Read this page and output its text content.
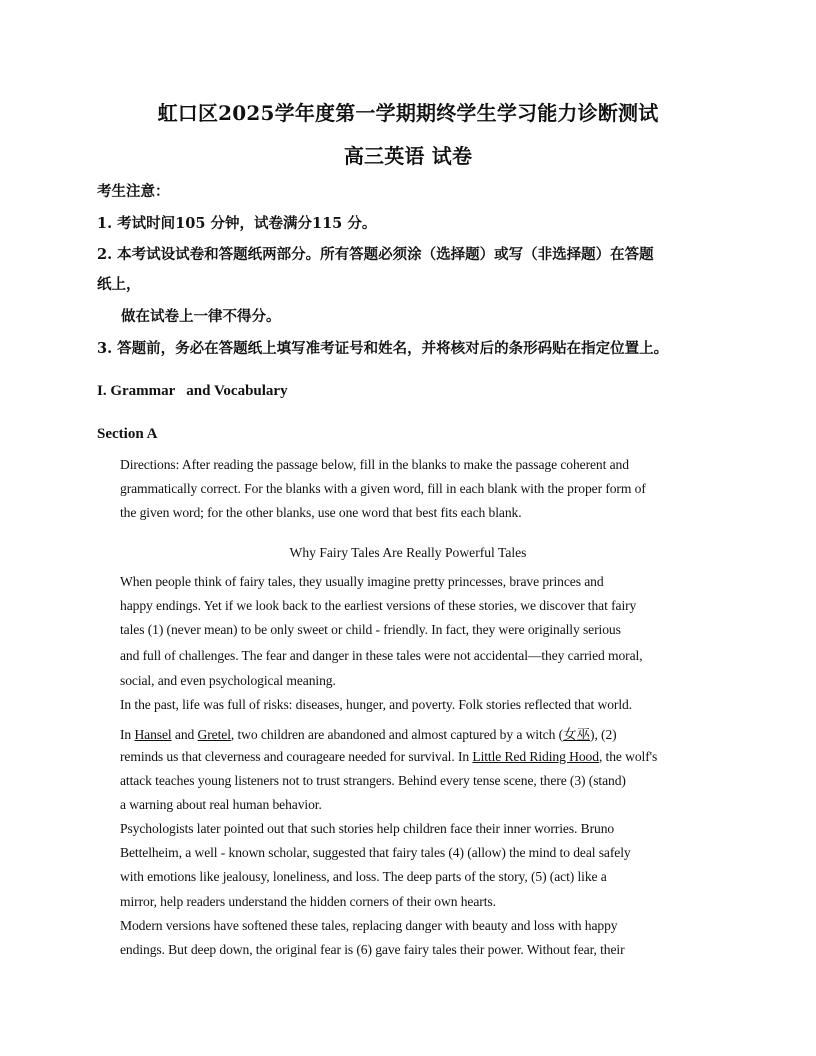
虹口区2025学年度第一学期期终学生学习能力诊断测试
高三英语 试卷
考生注意：
1. 考试时间105 分钟，试卷满分115 分。
2. 本考试设试卷和答题纸两部分。所有答题必须涂（选择题）或写（非选择题）在答题
纸上，
做在试卷上一律不得分。
3. 答题前，务必在答题纸上填写准考证号和姓名，并将核对后的条形码贴在指定位置上。
I. Grammar   and Vocabulary
Section A
Directions: After reading the passage below, fill in the blanks to make the passage coherent and
grammatically correct. For the blanks with a given word, fill in each blank with the proper form of
the given word; for the other blanks, use one word that best fits each blank.
Why Fairy Tales Are Really Powerful Tales
When people think of fairy tales, they usually imagine pretty princesses, brave princes and
happy endings. Yet if we look back to the earliest versions of these stories, we discover that fairy
tales (1) (never mean) to be only sweet or child - friendly. In fact, they were originally serious
and full of challenges. The fear and danger in these tales were not accidental—they carried moral,
social, and even psychological meaning.
In the past, life was full of risks: diseases, hunger, and poverty. Folk stories reflected that world.
In Hansel and Gretel, two children are abandoned and almost captured by a witch (女巫), (2)
reminds us that cleverness and courageare needed for survival. In Little Red Riding Hood, the wolf's
attack teaches young listeners not to trust strangers. Behind every tense scene, there (3) (stand)
a warning about real human behavior.
Psychologists later pointed out that such stories help children face their inner worries. Bruno
Bettelheim, a well - known scholar, suggested that fairy tales (4) (allow) the mind to deal safely
with emotions like jealousy, loneliness, and loss. The deep parts of the story, (5) (act) like a
mirror, help readers understand the hidden corners of their own hearts.
Modern versions have softened these tales, replacing danger with beauty and loss with happy
endings. But deep down, the original fear is (6) gave fairy tales their power. Without fear, their
